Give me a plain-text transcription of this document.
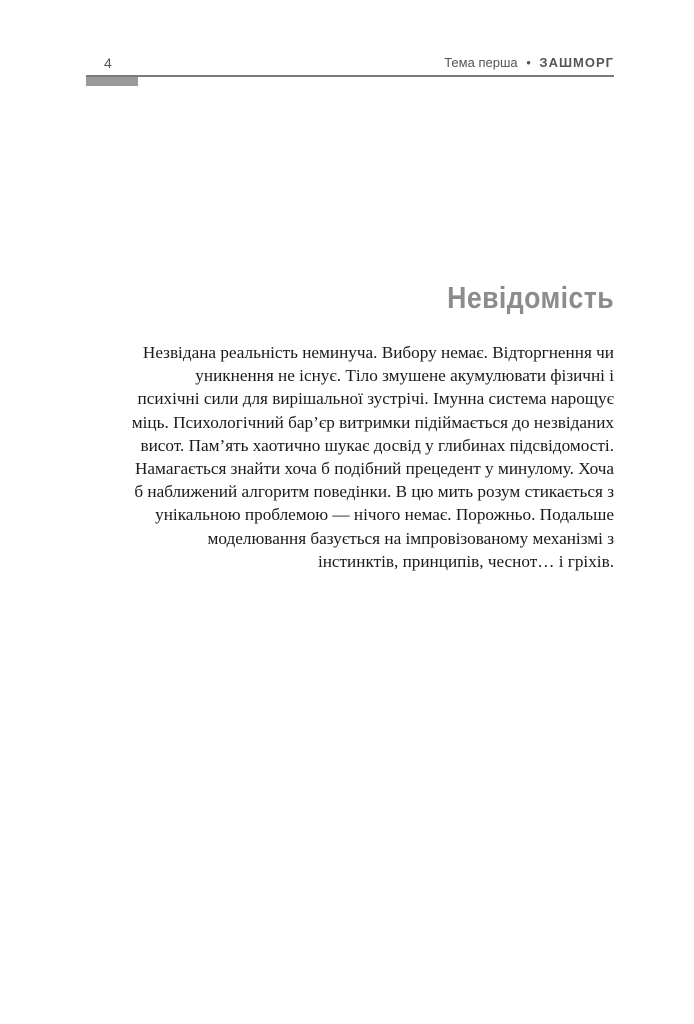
4	Тема перша • ЗАШМОРГ
Невідомість
Незвідана реальність неминуча. Вибору немає. Відторгнення чи
уникнення не існує. Тіло змушене акумулювати фізичні і
психічні сили для вирішальної зустрічі. Імунна система нарощує
міць. Психологічний бар’єр витримки підіймається до незвіданих
висот. Пам’ять хаотично шукає досвід у глибинах підсвідомості.
Намагається знайти хоча б подібний прецедент у минулому. Хоча
б наближений алгоритм поведінки. В цю мить розум стикається з
унікальною проблемою — нічого немає. Порожньо. Подальше
моделювання базується на імпровізованому механізмі з
інстинктів, принципів, чеснот… і гріхів.
